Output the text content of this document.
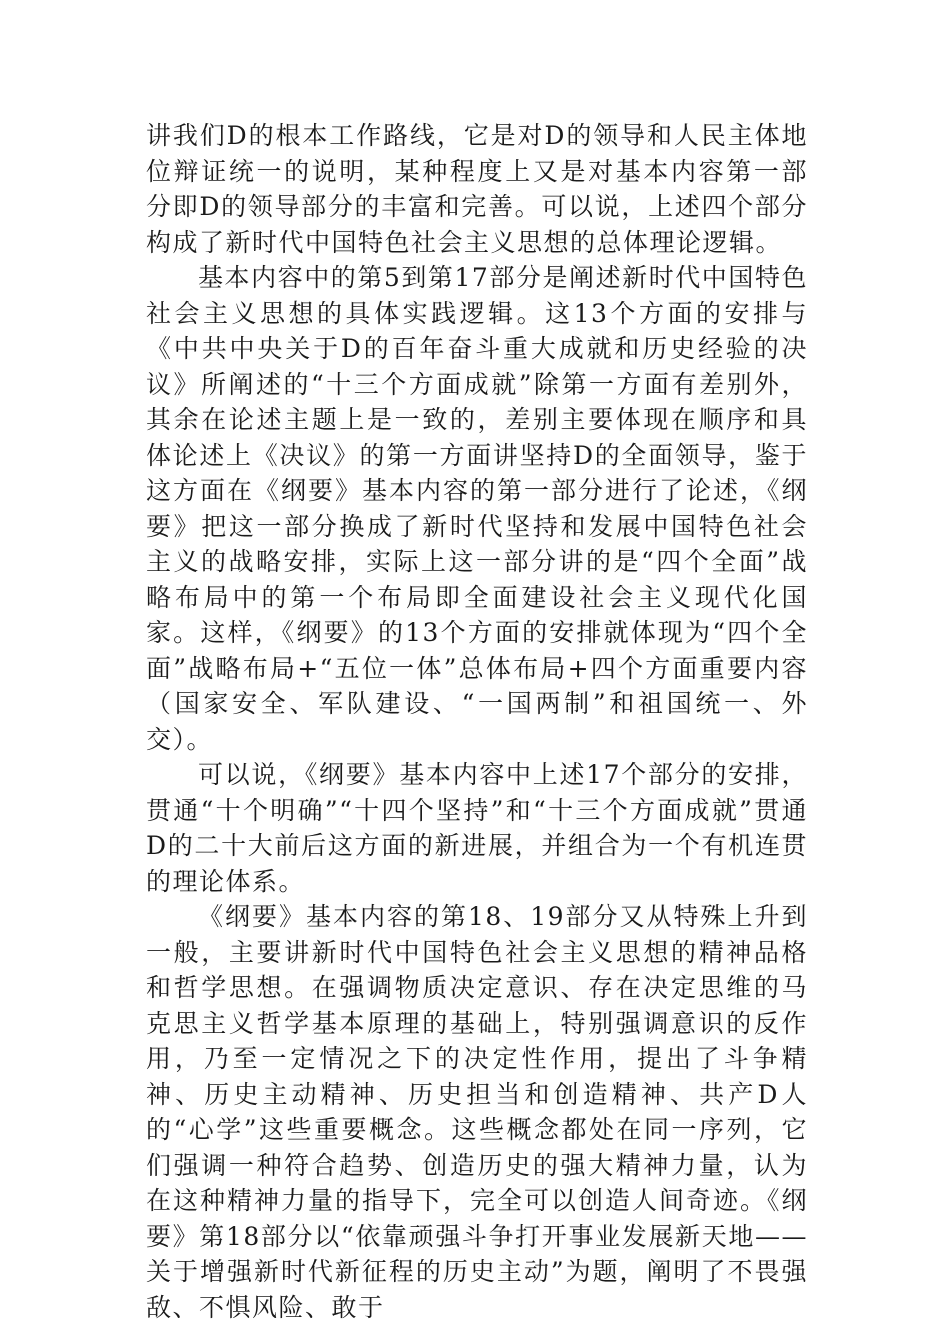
讲我们D的根本工作路线，它是对D的领导和人民主体地位辩证统一的说明，某种程度上又是对基本内容第一部分即D的领导部分的丰富和完善。可以说，上述四个部分构成了新时代中国特色社会主义思想的总体理论逻辑。

基本内容中的第5到第17部分是阐述新时代中国特色社会主义思想的具体实践逻辑。这13个方面的安排与《中共中央关于D的百年奋斗重大成就和历史经验的决议》所阐述的“十三个方面成就”除第一方面有差别外，其余在论述主题上是一致的，差别主要体现在顺序和具体论述上《决议》的第一方面讲坚持D的全面领导，鉴于这方面在《纲要》基本内容的第一部分进行了论述，《纲要》把这一部分换成了新时代坚持和发展中国特色社会主义的战略安排，实际上这一部分讲的是“四个全面”战略布局中的第一个布局即全面建设社会主义现代化国家。这样，《纲要》的13个方面的安排就体现为“四个全面”战略布局+“五位一体”总体布局+四个方面重要内容（国家安全、军队建设、“一国两制”和祖国统一、外交）。

可以说，《纲要》基本内容中上述17个部分的安排，贯通“十个明确”“十四个坚持”和“十三个方面成就”贯通D的二十大前后这方面的新进展，并组合为一个有机连贯的理论体系。

《纲要》基本内容的第18、19部分又从特殊上升到一般，主要讲新时代中国特色社会主义思想的精神品格和哲学思想。在强调物质决定意识、存在决定思维的马克思主义哲学基本原理的基础上，特别强调意识的反作用，乃至一定情况之下的决定性作用，提出了斗争精神、历史主动精神、历史担当和创造精神、共产D人的“心学”这些重要概念。这些概念都处在同一序列，它们强调一种符合趋势、创造历史的强大精神力量，认为在这种精神力量的指导下，完全可以创造人间奇迹。《纲要》第18部分以“依靠顽强斗争打开事业发展新天地——关于增强新时代新征程的历史主动”为题，阐明了不畏强敌、不惧风险、敢于
